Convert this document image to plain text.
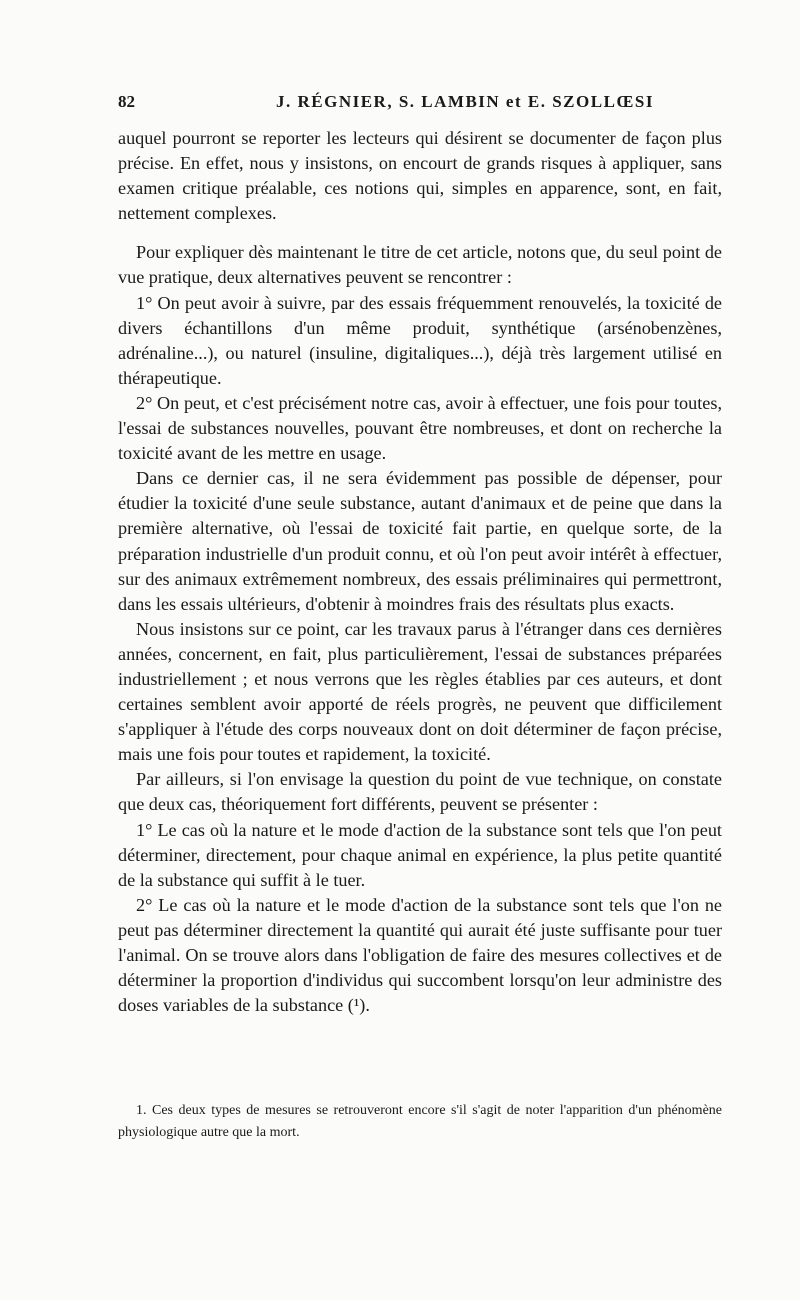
82	J. RÉGNIER, S. LAMBIN et E. SZOLLŒSI

auquel pourront se reporter les lecteurs qui désirent se documenter de façon plus précise. En effet, nous y insistons, on encourt de grands risques à appliquer, sans examen critique préalable, ces notions qui, simples en apparence, sont, en fait, nettement complexes.

Pour expliquer dès maintenant le titre de cet article, notons que, du seul point de vue pratique, deux alternatives peuvent se rencontrer :

1° On peut avoir à suivre, par des essais fréquemment renouvelés, la toxicité de divers échantillons d'un même produit, synthétique (arsénobenzènes, adrénaline...), ou naturel (insuline, digitaliques...), déjà très largement utilisé en thérapeutique.

2° On peut, et c'est précisément notre cas, avoir à effectuer, une fois pour toutes, l'essai de substances nouvelles, pouvant être nombreuses, et dont on recherche la toxicité avant de les mettre en usage.

Dans ce dernier cas, il ne sera évidemment pas possible de dépenser, pour étudier la toxicité d'une seule substance, autant d'animaux et de peine que dans la première alternative, où l'essai de toxicité fait partie, en quelque sorte, de la préparation industrielle d'un produit connu, et où l'on peut avoir intérêt à effectuer, sur des animaux extrêmement nombreux, des essais préliminaires qui permettront, dans les essais ultérieurs, d'obtenir à moindres frais des résultats plus exacts.

Nous insistons sur ce point, car les travaux parus à l'étranger dans ces dernières années, concernent, en fait, plus particulièrement, l'essai de substances préparées industriellement ; et nous verrons que les règles établies par ces auteurs, et dont certaines semblent avoir apporté de réels progrès, ne peuvent que difficilement s'appliquer à l'étude des corps nouveaux dont on doit déterminer de façon précise, mais une fois pour toutes et rapidement, la toxicité.

Par ailleurs, si l'on envisage la question du point de vue technique, on constate que deux cas, théoriquement fort différents, peuvent se présenter :

1° Le cas où la nature et le mode d'action de la substance sont tels que l'on peut déterminer, directement, pour chaque animal en expérience, la plus petite quantité de la substance qui suffit à le tuer.

2° Le cas où la nature et le mode d'action de la substance sont tels que l'on ne peut pas déterminer directement la quantité qui aurait été juste suffisante pour tuer l'animal. On se trouve alors dans l'obligation de faire des mesures collectives et de déterminer la proportion d'individus qui succombent lorsqu'on leur administre des doses variables de la substance (¹).

1. Ces deux types de mesures se retrouveront encore s'il s'agit de noter l'apparition d'un phénomène physiologique autre que la mort.
